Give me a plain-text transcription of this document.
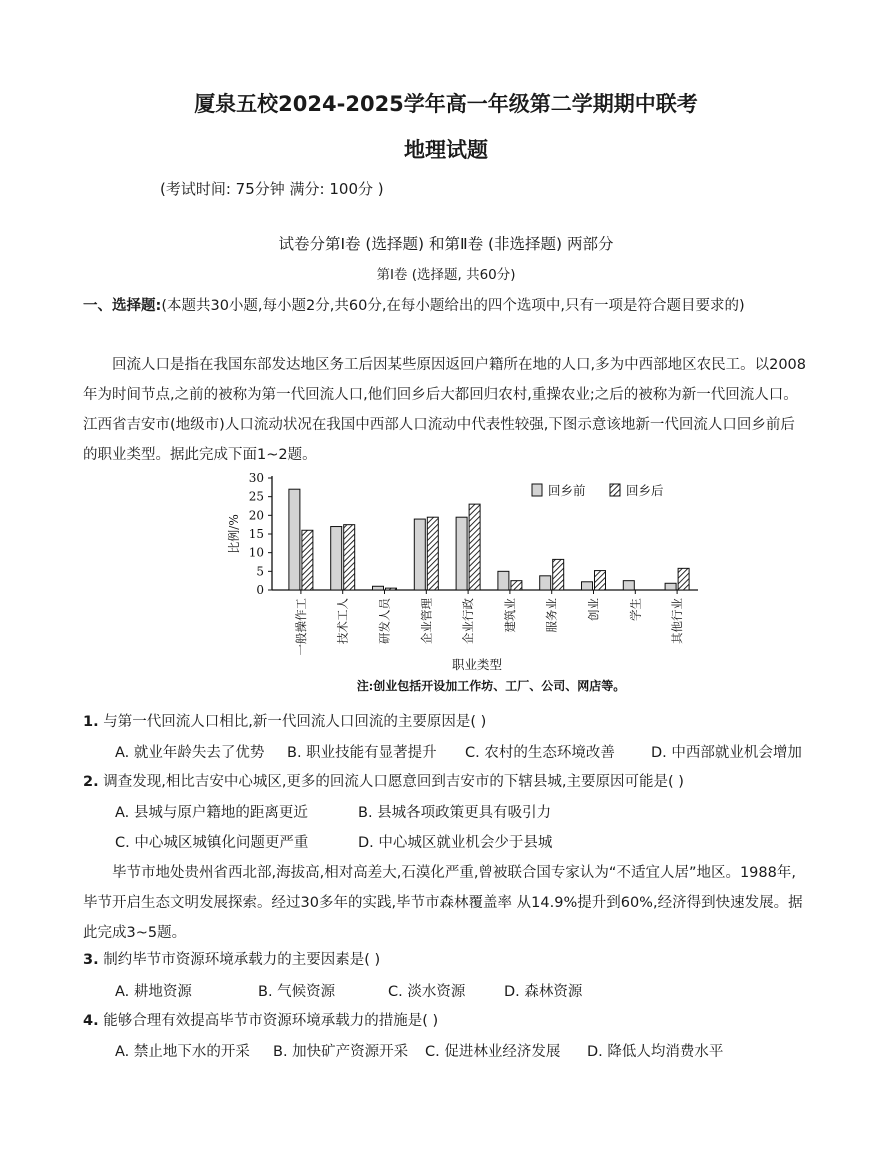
厦泉五校2024-2025学年高一年级第二学期期中联考
地理试题
(考试时间: 75分钟 满分: 100分 )
试卷分第Ⅰ卷 (选择题) 和第Ⅱ卷 (非选择题) 两部分
第Ⅰ卷 (选择题, 共60分)
一、选择题:(本题共30小题,每小题2分,共60分,在每小题给出的四个选项中,只有一项是符合题目要求的)
回流人口是指在我国东部发达地区务工后因某些原因返回户籍所在地的人口,多为中西部地区农民工。以2008年为时间节点,之前的被称为第一代回流人口,他们回乡后大都回归农村,重操农业;之后的被称为新一代回流人口。江西省吉安市(地级市)人口流动状况在我国中西部人口流动中代表性较强,下图示意该地新一代回流人口回乡前后的职业类型。据此完成下面1~2题。
0
5
10
15
20
25
30
比例/%
一般操作工 技术工人 研发人员 企业管理 企业行政 建筑业 服务业 创业 学生 其他行业
回乡前	回乡后
职业类型
注:创业包括开设加工作坊、工厂、公司、网店等。
1. 与第一代回流人口相比,新一代回流人口回流的主要原因是( )
A. 就业年龄失去了优势 B. 职业技能有显著提升 C. 农村的生态环境改善 D. 中西部就业机会增加
2. 调查发现,相比吉安中心城区,更多的回流人口愿意回到吉安市的下辖县城,主要原因可能是( )
A. 县城与原户籍地的距离更近	B. 县城各项政策更具有吸引力
C. 中心城区城镇化问题更严重	D. 中心城区就业机会少于县城
毕节市地处贵州省西北部,海拔高,相对高差大,石漠化严重,曾被联合国专家认为“不适宜人居”地区。1988年,毕节开启生态文明发展探索。经过30多年的实践,毕节市森林覆盖率 从14.9%提升到60%,经济得到快速发展。据此完成3~5题。
3. 制约毕节市资源环境承载力的主要因素是( )
A. 耕地资源	B. 气候资源	C. 淡水资源	D. 森林资源
4. 能够合理有效提高毕节市资源环境承载力的措施是( )
A. 禁止地下水的开采 B. 加快矿产资源开采 C. 促进林业经济发展 D. 降低人均消费水平
